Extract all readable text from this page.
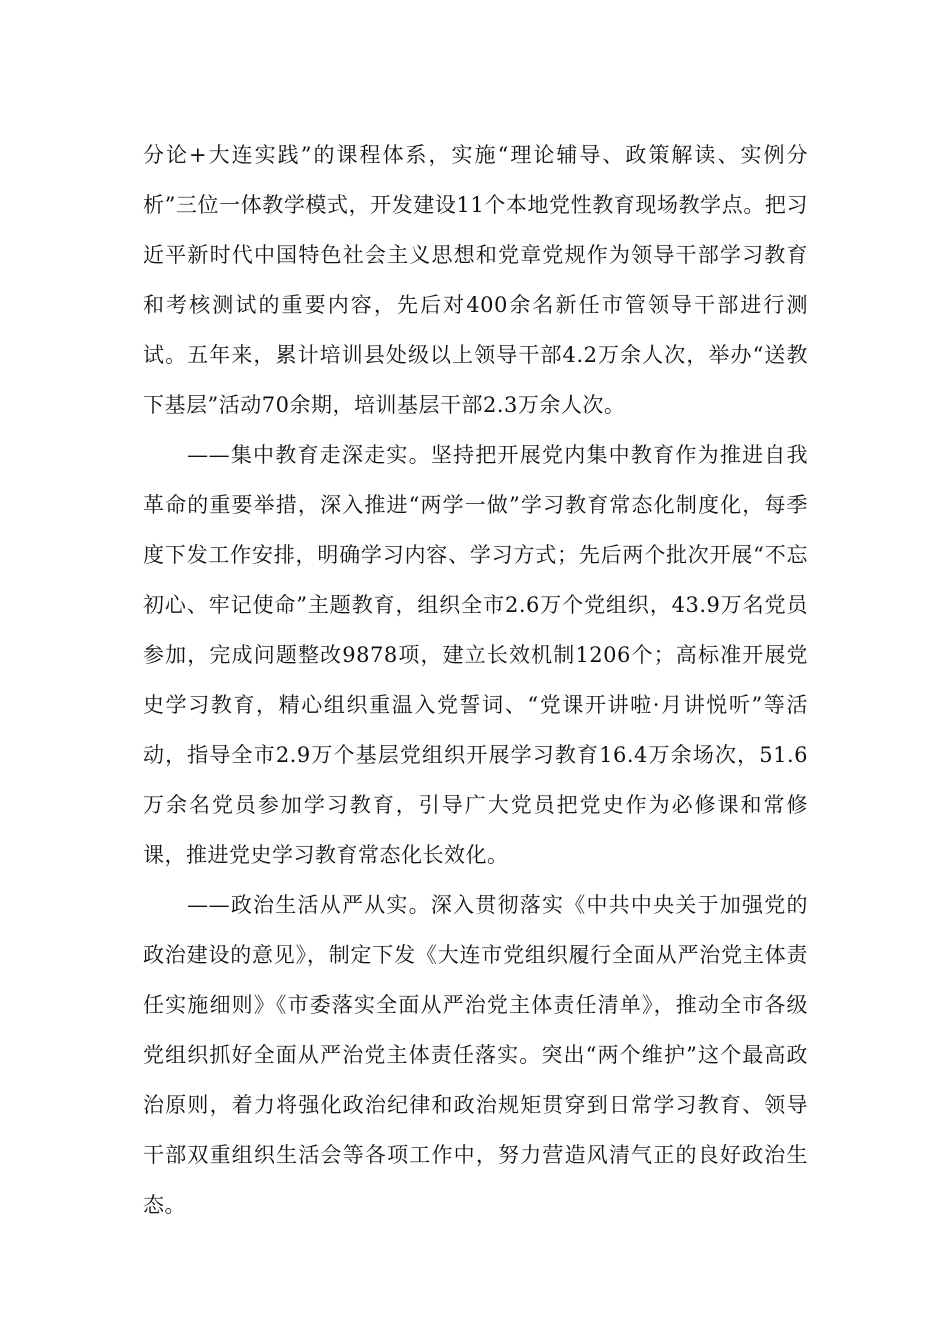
分论+大连实践”的课程体系，实施“理论辅导、政策解读、实例分析”三位一体教学模式，开发建设11个本地党性教育现场教学点。把习近平新时代中国特色社会主义思想和党章党规作为领导干部学习教育和考核测试的重要内容，先后对400余名新任市管领导干部进行测试。五年来，累计培训县处级以上领导干部4.2万余人次，举办“送教下基层”活动70余期，培训基层干部2.3万余人次。

——集中教育走深走实。坚持把开展党内集中教育作为推进自我革命的重要举措，深入推进“两学一做”学习教育常态化制度化，每季度下发工作安排，明确学习内容、学习方式；先后两个批次开展“不忘初心、牢记使命”主题教育，组织全市2.6万个党组织，43.9万名党员参加，完成问题整改9878项，建立长效机制1206个；高标准开展党史学习教育，精心组织重温入党誓词、“党课开讲啦·月讲悦听”等活动，指导全市2.9万个基层党组织开展学习教育16.4万余场次，51.6万余名党员参加学习教育，引导广大党员把党史作为必修课和常修课，推进党史学习教育常态化长效化。

——政治生活从严从实。深入贯彻落实《中共中央关于加强党的政治建设的意见》，制定下发《大连市党组织履行全面从严治党主体责任实施细则》《市委落实全面从严治党主体责任清单》，推动全市各级党组织抓好全面从严治党主体责任落实。突出“两个维护”这个最高政治原则，着力将强化政治纪律和政治规矩贯穿到日常学习教育、领导干部双重组织生活会等各项工作中，努力营造风清气正的良好政治生态。
